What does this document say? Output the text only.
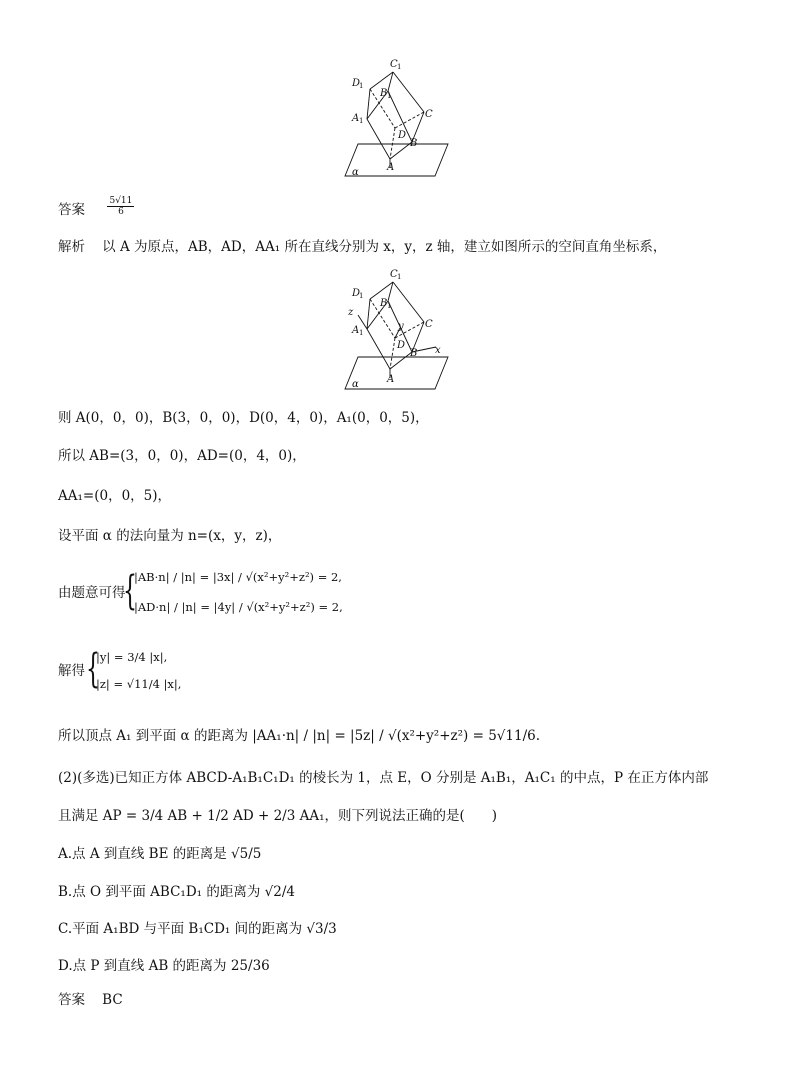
C 1
D
1
B 1
A 1
C
D
B
A
α
答案 $\frac{5√11}{6}$
解析 以 A 为原点，AB，AD，AA₁ 所在直线分别为 x，y，z 轴，建立如图所示的空间直角坐标系，
C 1
D
1
B 1
A 1
C
D
B
A
α
z
y
x
则 A(0，0，0)，B(3，0，0)，D(0，4，0)，A₁(0，0，5)，
所以 AB=(3，0，0)，AD=(0，4，0)，
AA₁=(0，0，5)，
设平面 α 的法向量为 n=(x，y，z)，
由题意可得
{
|AB·n| / |n| = |3x| / √(x²+y²+z²) = 2,
|AD·n| / |n| = |4y| / √(x²+y²+z²) = 2,
解得 {
|y| = 3/4 |x|,
|z| = √11/4 |x|,
所以顶点 A₁ 到平面 α 的距离为 |AA₁·n| / |n| = |5z| / √(x²+y²+z²) = 5√11/6.
(2)(多选)已知正方体 ABCD-A₁B₁C₁D₁ 的棱长为 1，点 E，O 分别是 A₁B₁，A₁C₁ 的中点，P 在正方体内部
且满足 AP = 3/4 AB + 1/2 AD + 2/3 AA₁，则下列说法正确的是(　　)
A.点 A 到直线 BE 的距离是 √5/5
B.点 O 到平面 ABC₁D₁ 的距离为 √2/4
C.平面 A₁BD 与平面 B₁CD₁ 间的距离为 √3/3
D.点 P 到直线 AB 的距离为 25/36
答案 BC
